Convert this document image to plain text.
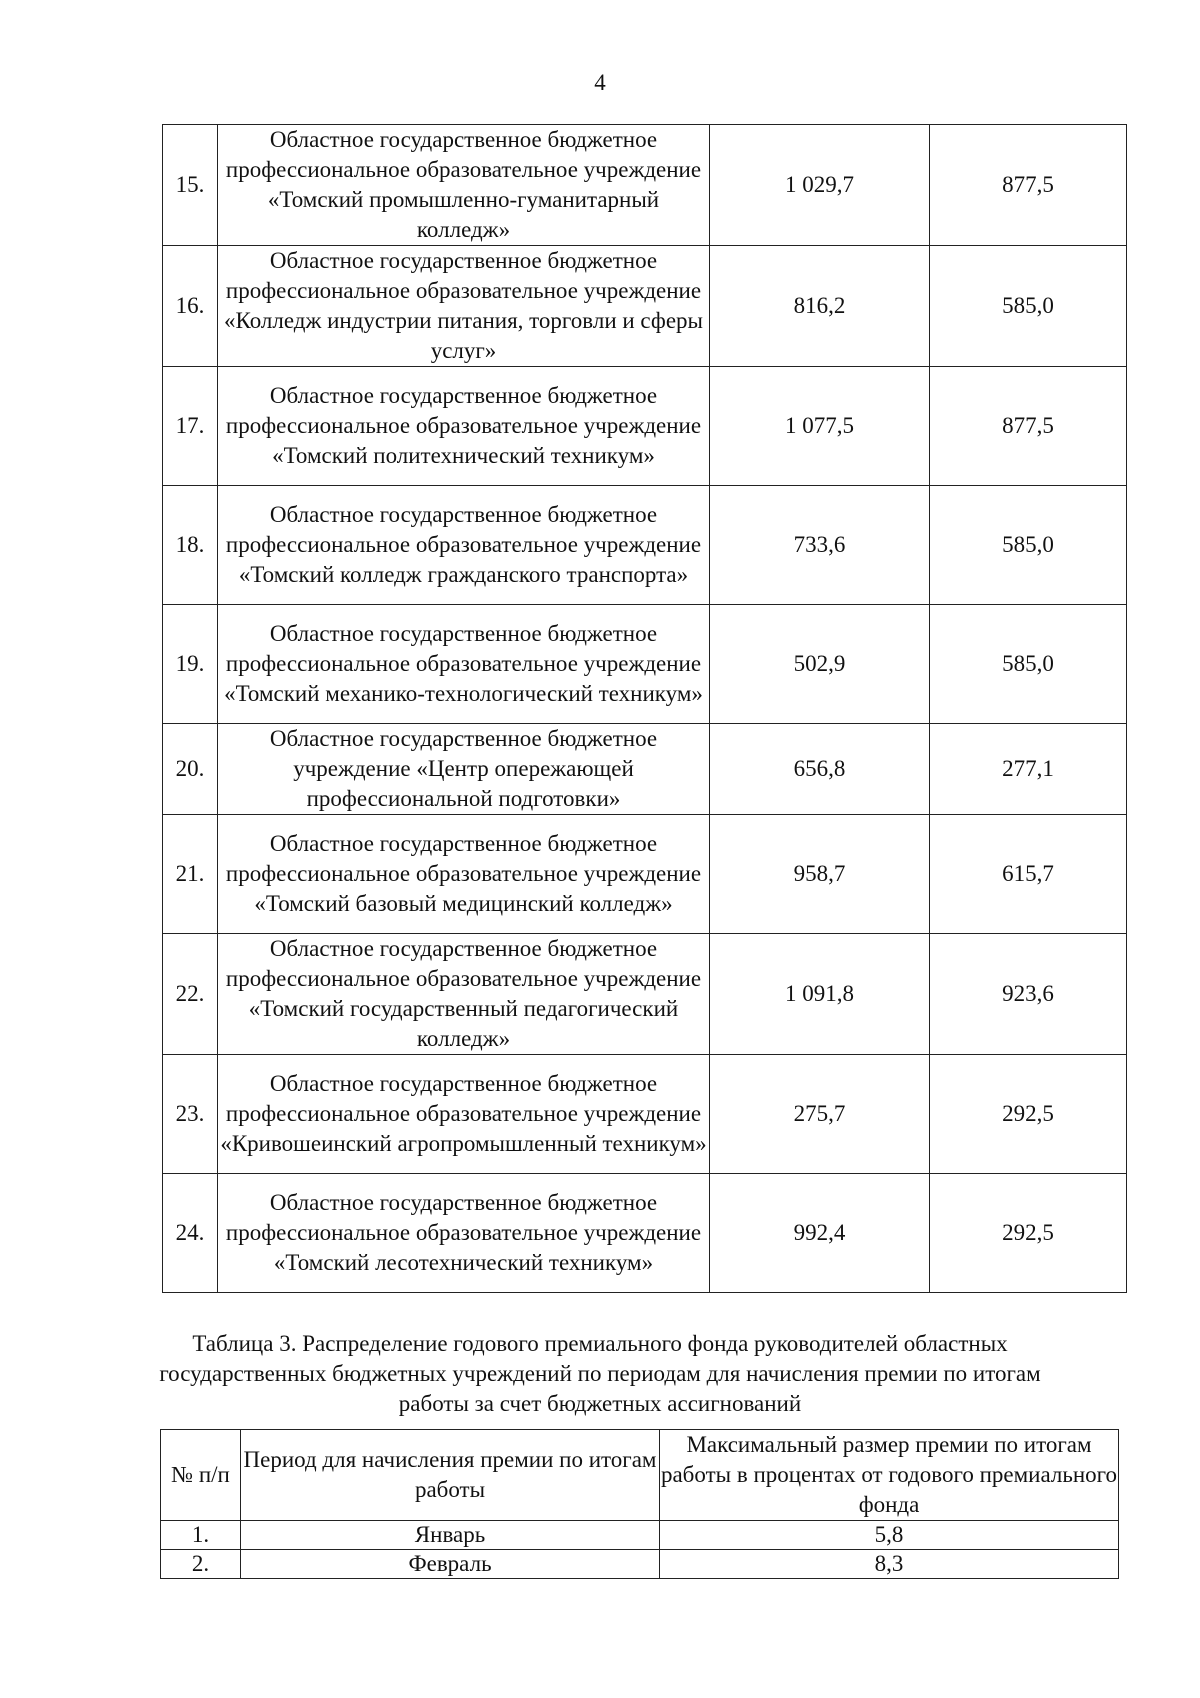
4
15.	Областное государственное бюджетное профессиональное образовательное учреждение «Томский промышленно-гуманитарный колледж»	1 029,7	877,5
16.	Областное государственное бюджетное профессиональное образовательное учреждение «Колледж индустрии питания, торговли и сферы услуг»	816,2	585,0
17.	Областное государственное бюджетное профессиональное образовательное учреждение «Томский политехнический техникум»	1 077,5	877,5
18.	Областное государственное бюджетное профессиональное образовательное учреждение «Томский колледж гражданского транспорта»	733,6	585,0
19.	Областное государственное бюджетное профессиональное образовательное учреждение «Томский механико-технологический техникум»	502,9	585,0
20.	Областное государственное бюджетное учреждение «Центр опережающей профессиональной подготовки»	656,8	277,1
21.	Областное государственное бюджетное профессиональное образовательное учреждение «Томский базовый медицинский колледж»	958,7	615,7
22.	Областное государственное бюджетное профессиональное образовательное учреждение «Томский государственный педагогический колледж»	1 091,8	923,6
23.	Областное государственное бюджетное профессиональное образовательное учреждение «Кривошеинский агропромышленный техникум»	275,7	292,5
24.	Областное государственное бюджетное профессиональное образовательное учреждение «Томский лесотехнический техникум»	992,4	292,5
Таблица 3. Распределение годового премиального фонда руководителей областных государственных бюджетных учреждений по периодам для начисления премии по итогам работы за счет бюджетных ассигнований
№ п/п	Период для начисления премии по итогам работы	Максимальный размер премии по итогам работы в процентах от годового премиального фонда
1.	Январь	5,8
2.	Февраль	8,3
